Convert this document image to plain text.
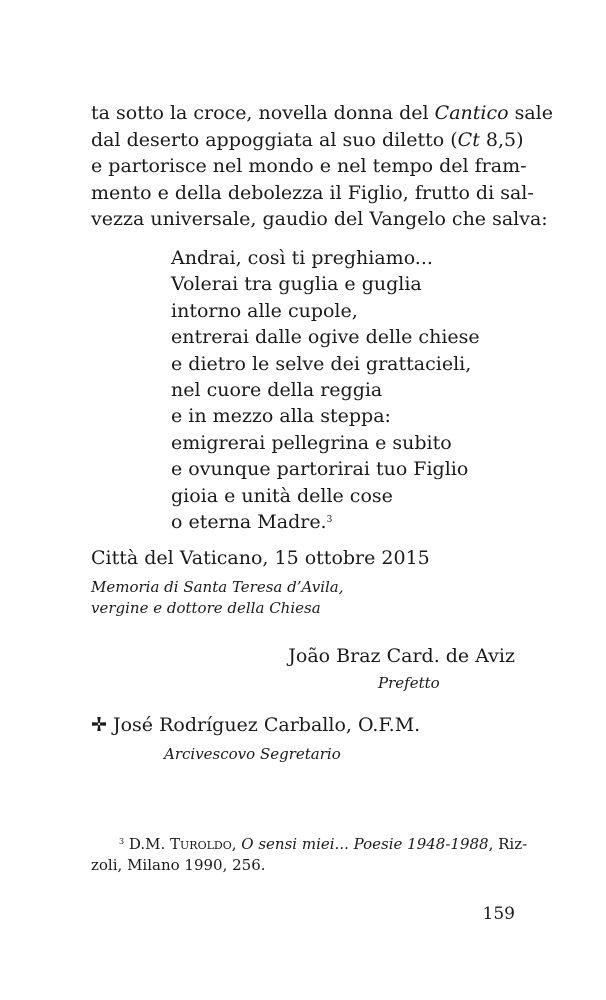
ta sotto la croce, novella donna del Cantico sale
dal deserto appoggiata al suo diletto (Ct 8,5)
e partorisce nel mondo e nel tempo del fram-
mento e della debolezza il Figlio, frutto di sal-
vezza universale, gaudio del Vangelo che salva:
Andrai, così ti preghiamo...
Volerai tra guglia e guglia
intorno alle cupole,
entrerai dalle ogive delle chiese
e dietro le selve dei grattacieli,
nel cuore della reggia
e in mezzo alla steppa:
emigrerai pellegrina e subito
e ovunque partorirai tuo Figlio
gioia e unità delle cose
o eterna Madre.$^3$
Città del Vaticano, 15 ottobre 2015
Memoria di Santa Teresa d’Avila,
vergine e dottore della Chiesa
João Braz Card. de Aviz
Prefetto
José Rodríguez Carballo, O.F.M.
Arcivescovo Segretario
$^3$ D.M. Turoldo, O sensi miei... Poesie 1948-1988, Riz-
zoli, Milano 1990, 256.
159
